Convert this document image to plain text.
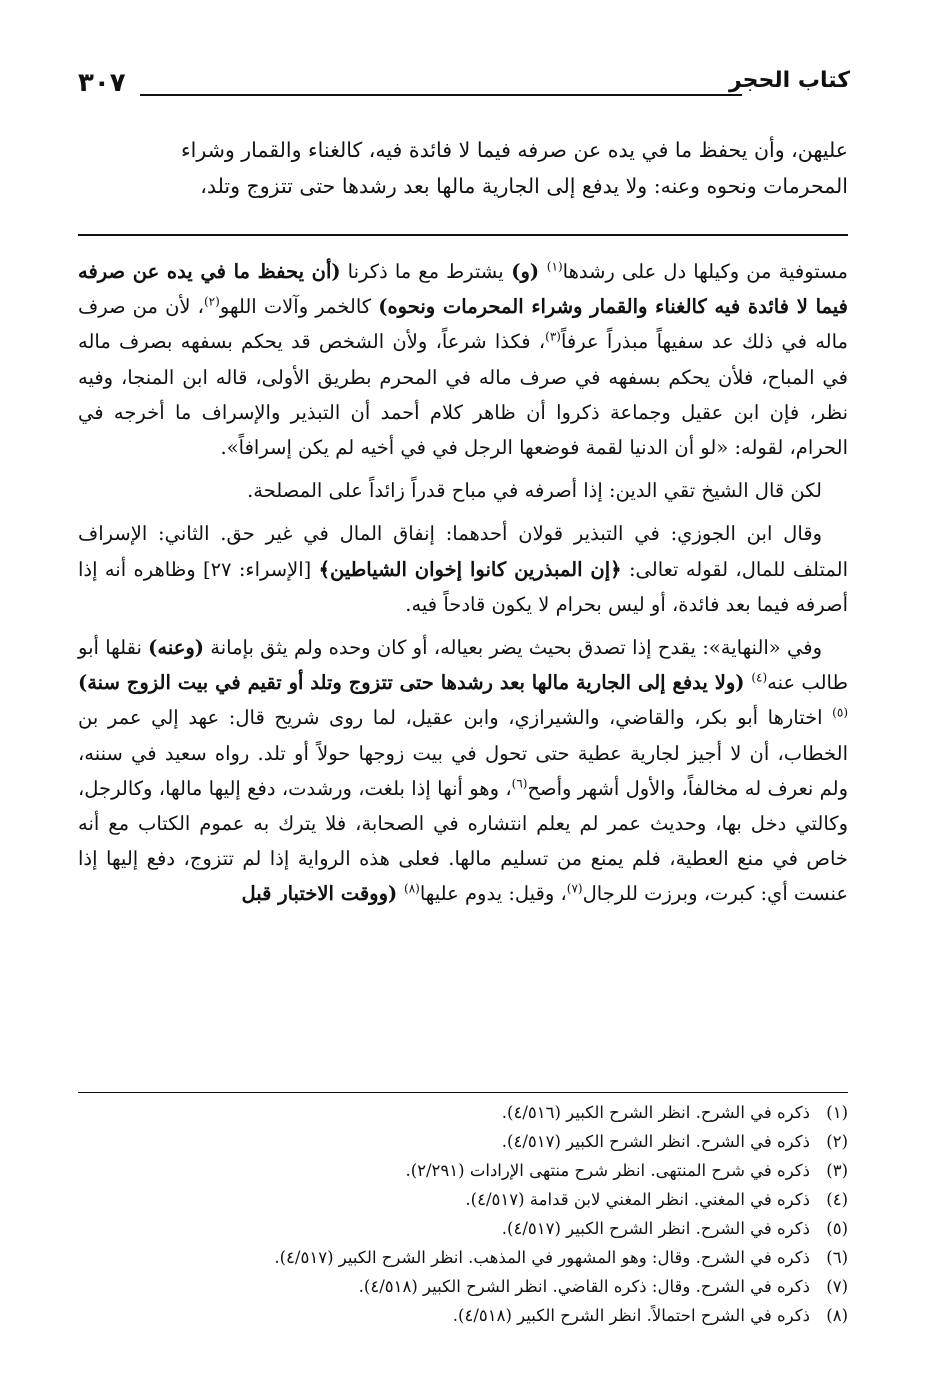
٣٠٧	كتاب الحجر

عليهن، وأن يحفظ ما في يده عن صرفه فيما لا فائدة فيه، كالغناء والقمار وشراء

المحرمات ونحوه وعنه: ولا يدفع إلى الجارية مالها بعد رشدها حتى تتزوج وتلد،

مستوفية من وكيلها دل على رشدها$^{(١)}$ (و) يشترط مع ما ذكرنا (أن يحفظ ما في يده عن صرفه فيما لا فائدة فيه كالغناء والقمار وشراء المحرمات ونحوه) كالخمر وآلات اللهو$^{(٢)}$، لأن من صرف ماله في ذلك عد سفيهاً مبذراً عرفاً$^{(٣)}$، فكذا شرعاً، ولأن الشخص قد يحكم بسفهه بصرف ماله في المباح، فلأن يحكم بسفهه في صرف ماله في المحرم بطريق الأولى، قاله ابن المنجا، وفيه نظر، فإن ابن عقيل وجماعة ذكروا أن ظاهر كلام أحمد أن التبذير والإسراف ما أخرجه في الحرام، لقوله: «لو أن الدنيا لقمة فوضعها الرجل في في أخيه لم يكن إسرافاً».

لكن قال الشيخ تقي الدين: إذا أصرفه في مباح قدراً زائداً على المصلحة.

وقال ابن الجوزي: في التبذير قولان أحدهما: إنفاق المال في غير حق. الثاني: الإسراف المتلف للمال، لقوله تعالى: ﴿إن المبذرين كانوا إخوان الشياطين﴾ [الإسراء: ٢٧] وظاهره أنه إذا أصرفه فيما بعد فائدة، أو ليس بحرام لا يكون قادحاً فيه.

وفي «النهاية»: يقدح إذا تصدق بحيث يضر بعياله، أو كان وحده ولم يثق بإمانة (وعنه) نقلها أبو طالب عنه$^{(٤)}$ (ولا يدفع إلى الجارية مالها بعد رشدها حتى تتزوج وتلد أو تقيم في بيت الزوج سنة)$^{(٥)}$ اختارها أبو بكر، والقاضي، والشيرازي، وابن عقيل، لما روى شريح قال: عهد إلي عمر بن الخطاب، أن لا أجيز لجارية عطية حتى تحول في بيت زوجها حولاً أو تلد. رواه سعيد في سننه، ولم نعرف له مخالفاً، والأول أشهر وأصح$^{(٦)}$، وهو أنها إذا بلغت، ورشدت، دفع إليها مالها، وكالرجل، وكالتي دخل بها، وحديث عمر لم يعلم انتشاره في الصحابة، فلا يترك به عموم الكتاب مع أنه خاص في منع العطية، فلم يمنع من تسليم مالها. فعلى هذه الرواية إذا لم تتزوج، دفع إليها إذا عنست أي: كبرت، وبرزت للرجال$^{(٧)}$، وقيل: يدوم عليها$^{(٨)}$ (ووقت الاختبار قبل

(١)ذكره في الشرح. انظر الشرح الكبير (٤/٥١٦).
(٢)ذكره في الشرح. انظر الشرح الكبير (٤/٥١٧).
(٣)ذكره في شرح المنتهى. انظر شرح منتهى الإرادات (٢/٢٩١).
(٤)ذكره في المغني. انظر المغني لابن قدامة (٤/٥١٧).
(٥)ذكره في الشرح. انظر الشرح الكبير (٤/٥١٧).
(٦)ذكره في الشرح. وقال: وهو المشهور في المذهب. انظر الشرح الكبير (٤/٥١٧).
(٧)ذكره في الشرح. وقال: ذكره القاضي. انظر الشرح الكبير (٤/٥١٨).
(٨)ذكره في الشرح احتمالاً. انظر الشرح الكبير (٤/٥١٨).
